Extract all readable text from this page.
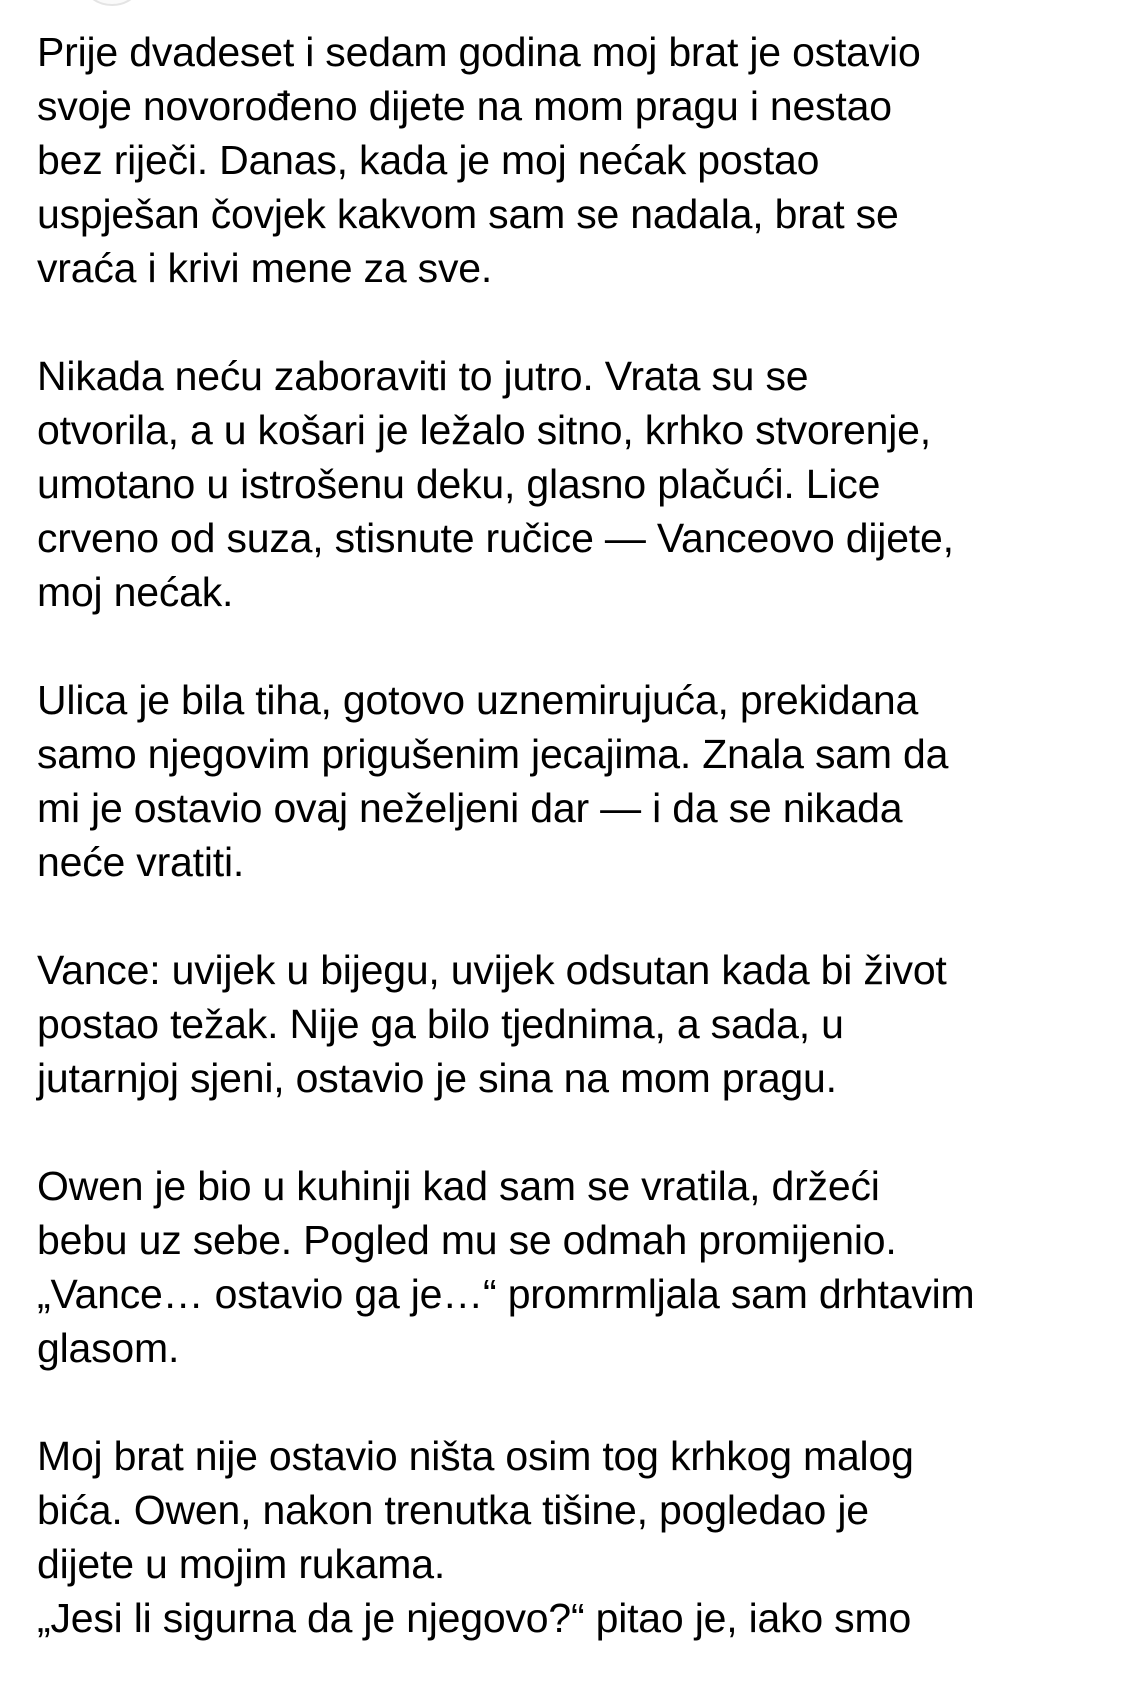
Prije dvadeset i sedam godina moj brat je ostavio
svoje novorođeno dijete na mom pragu i nestao
bez riječi. Danas, kada je moj nećak postao
uspješan čovjek kakvom sam se nadala, brat se
vraća i krivi mene za sve.
Nikada neću zaboraviti to jutro. Vrata su se
otvorila, a u košari je ležalo sitno, krhko stvorenje,
umotano u istrošenu deku, glasno plačući. Lice
crveno od suza, stisnute ručice — Vanceovo dijete,
moj nećak.
Ulica je bila tiha, gotovo uznemirujuća, prekidana
samo njegovim prigušenim jecajima. Znala sam da
mi je ostavio ovaj neželjeni dar — i da se nikada
neće vratiti.
Vance: uvijek u bijegu, uvijek odsutan kada bi život
postao težak. Nije ga bilo tjednima, a sada, u
jutarnjoj sjeni, ostavio je sina na mom pragu.
Owen je bio u kuhinji kad sam se vratila, držeći
bebu uz sebe. Pogled mu se odmah promijenio.
„Vance… ostavio ga je…“ promrmljala sam drhtavim
glasom.
Moj brat nije ostavio ništa osim tog krhkog malog
bića. Owen, nakon trenutka tišine, pogledao je
dijete u mojim rukama.
„Jesi li sigurna da je njegovo?“ pitao je, iako smo
